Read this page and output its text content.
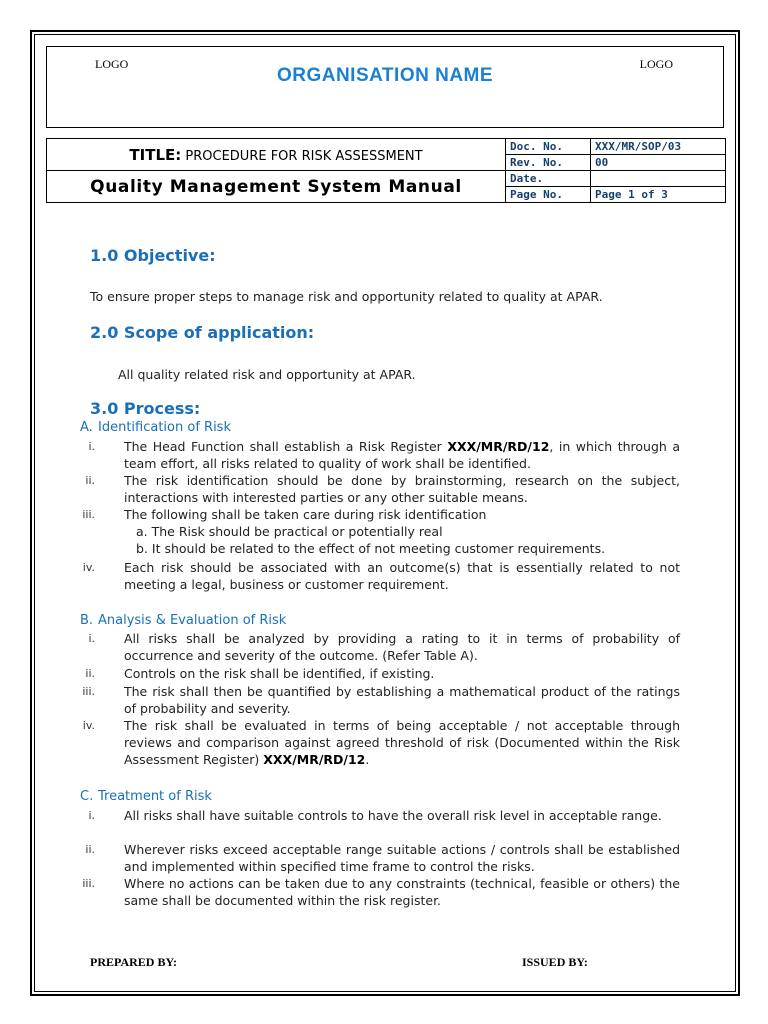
LOGO
ORGANISATION NAME
LOGO
TITLE: PROCEDURE FOR RISK ASSESSMENT	Doc. No.	XXX/MR/SOP/03
	Rev. No.	00
Quality Management System Manual	Date.	
	Page No.	Page 1 of 3
1.0 Objective:

To ensure proper steps to manage risk and opportunity related to quality at APAR.

2.0 Scope of application:

All quality related risk and opportunity at APAR.

3.0 Process:
A. Identification of Risk
i. The Head Function shall establish a Risk Register XXX/MR/RD/12, in which through a team effort, all risks related to quality of work shall be identified.
ii. The risk identification should be done by brainstorming, research on the subject, interactions with interested parties or any other suitable means.
iii. The following shall be taken care during risk identification
a. The Risk should be practical or potentially real
b. It should be related to the effect of not meeting customer requirements.
iv. Each risk should be associated with an outcome(s) that is essentially related to not meeting a legal, business or customer requirement.
B. Analysis & Evaluation of Risk
i. All risks shall be analyzed by providing a rating to it in terms of probability of occurrence and severity of the outcome. (Refer Table A).
ii. Controls on the risk shall be identified, if existing.
iii. The risk shall then be quantified by establishing a mathematical product of the ratings of probability and severity.
iv. The risk shall be evaluated in terms of being acceptable / not acceptable through reviews and comparison against agreed threshold of risk (Documented within the Risk Assessment Register) XXX/MR/RD/12.
C. Treatment of Risk
i. All risks shall have suitable controls to have the overall risk level in acceptable range.
ii. Wherever risks exceed acceptable range suitable actions / controls shall be established and implemented within specified time frame to control the risks.
iii. Where no actions can be taken due to any constraints (technical, feasible or others) the same shall be documented within the risk register.
PREPARED BY:	ISSUED BY:
